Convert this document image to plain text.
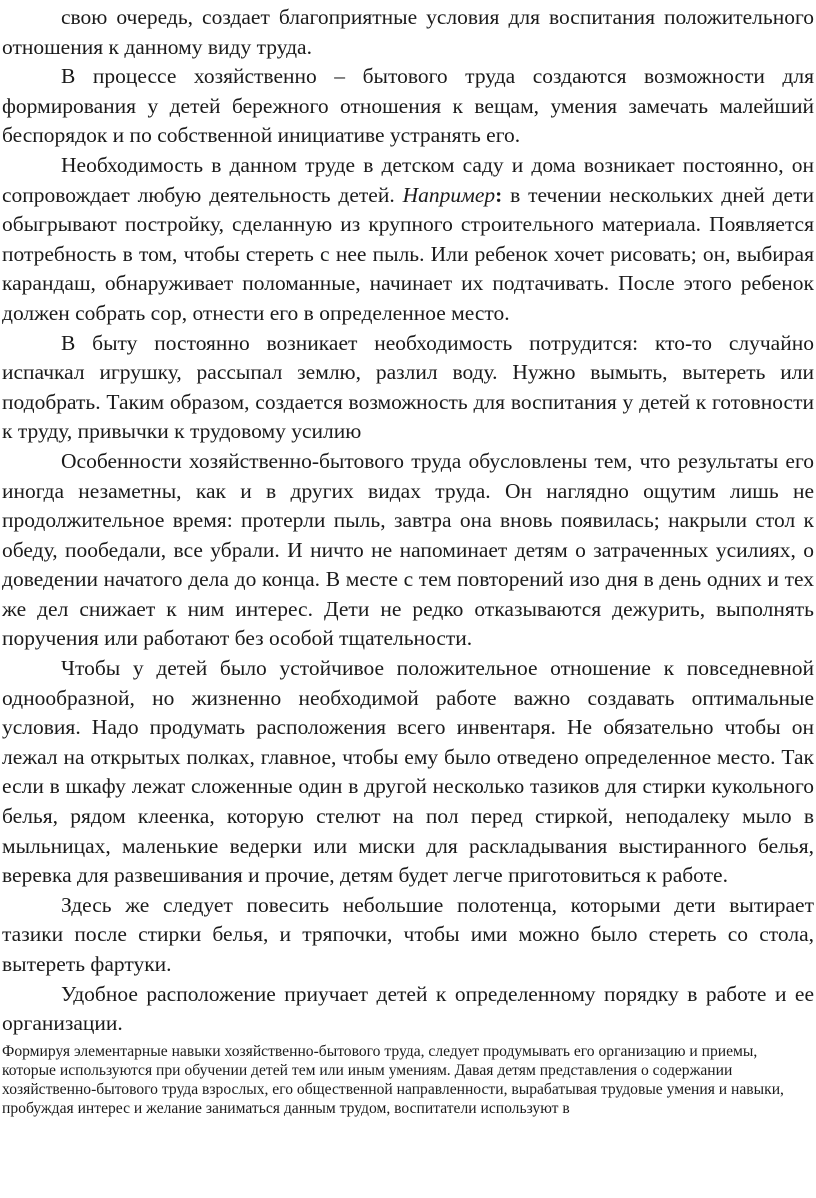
свою очередь, создает благоприятные условия для воспитания положительного отношения к данному виду труда.

В процессе хозяйственно – бытового труда создаются возможности для формирования у детей бережного отношения к вещам, умения замечать малейший беспорядок и по собственной инициативе устранять его.

Необходимость в данном труде в детском саду и дома возникает постоянно, он сопровождает любую деятельность детей. Например: в течении нескольких дней дети обыгрывают постройку, сделанную из крупного строительного материала. Появляется потребность в том, чтобы стереть с нее пыль. Или ребенок хочет рисовать; он, выбирая карандаш, обнаруживает поломанные, начинает их подтачивать. После этого ребенок должен собрать сор, отнести его в определенное место.

В быту постоянно возникает необходимость потрудится: кто-то случайно испачкал игрушку, рассыпал землю, разлил воду. Нужно вымыть, вытереть или подобрать. Таким образом, создается возможность для воспитания у детей к готовности к труду, привычки к трудовому усилию

Особенности хозяйственно-бытового труда обусловлены тем, что результаты его иногда незаметны, как и в других видах труда. Он наглядно ощутим лишь не продолжительное время: протерли пыль, завтра она вновь появилась; накрыли стол к обеду, пообедали, все убрали. И ничто не напоминает детям о затраченных усилиях, о доведении начатого дела до конца. В месте с тем повторений изо дня в день одних и тех же дел снижает к ним интерес. Дети не редко отказываются дежурить, выполнять поручения или работают без особой тщательности.

Чтобы у детей было устойчивое положительное отношение к повседневной однообразной, но жизненно необходимой работе важно создавать оптимальные условия. Надо продумать расположения всего инвентаря. Не обязательно чтобы он лежал на открытых полках, главное, чтобы ему было отведено определенное место. Так если в шкафу лежат сложенные один в другой несколько тазиков для стирки кукольного белья, рядом клеенка, которую стелют на пол перед стиркой, неподалеку мыло в мыльницах, маленькие ведерки или миски для раскладывания выстиранного белья, веревка для развешивания и прочие, детям будет легче приготовиться к работе.

Здесь же следует повесить небольшие полотенца, которыми дети вытирает тазики после стирки белья, и тряпочки, чтобы ими можно было стереть со стола, вытереть фартуки.

Удобное расположение приучает детей к определенному порядку в работе и ее организации.

Формируя элементарные навыки хозяйственно-бытового труда, следует продумывать его организацию и приемы, которые используются при обучении детей тем или иным умениям. Давая детям представления о содержании хозяйственно-бытового труда взрослых, его общественной направленности, вырабатывая трудовые умения и навыки, пробуждая интерес и желание заниматься данным трудом, воспитатели используют в
